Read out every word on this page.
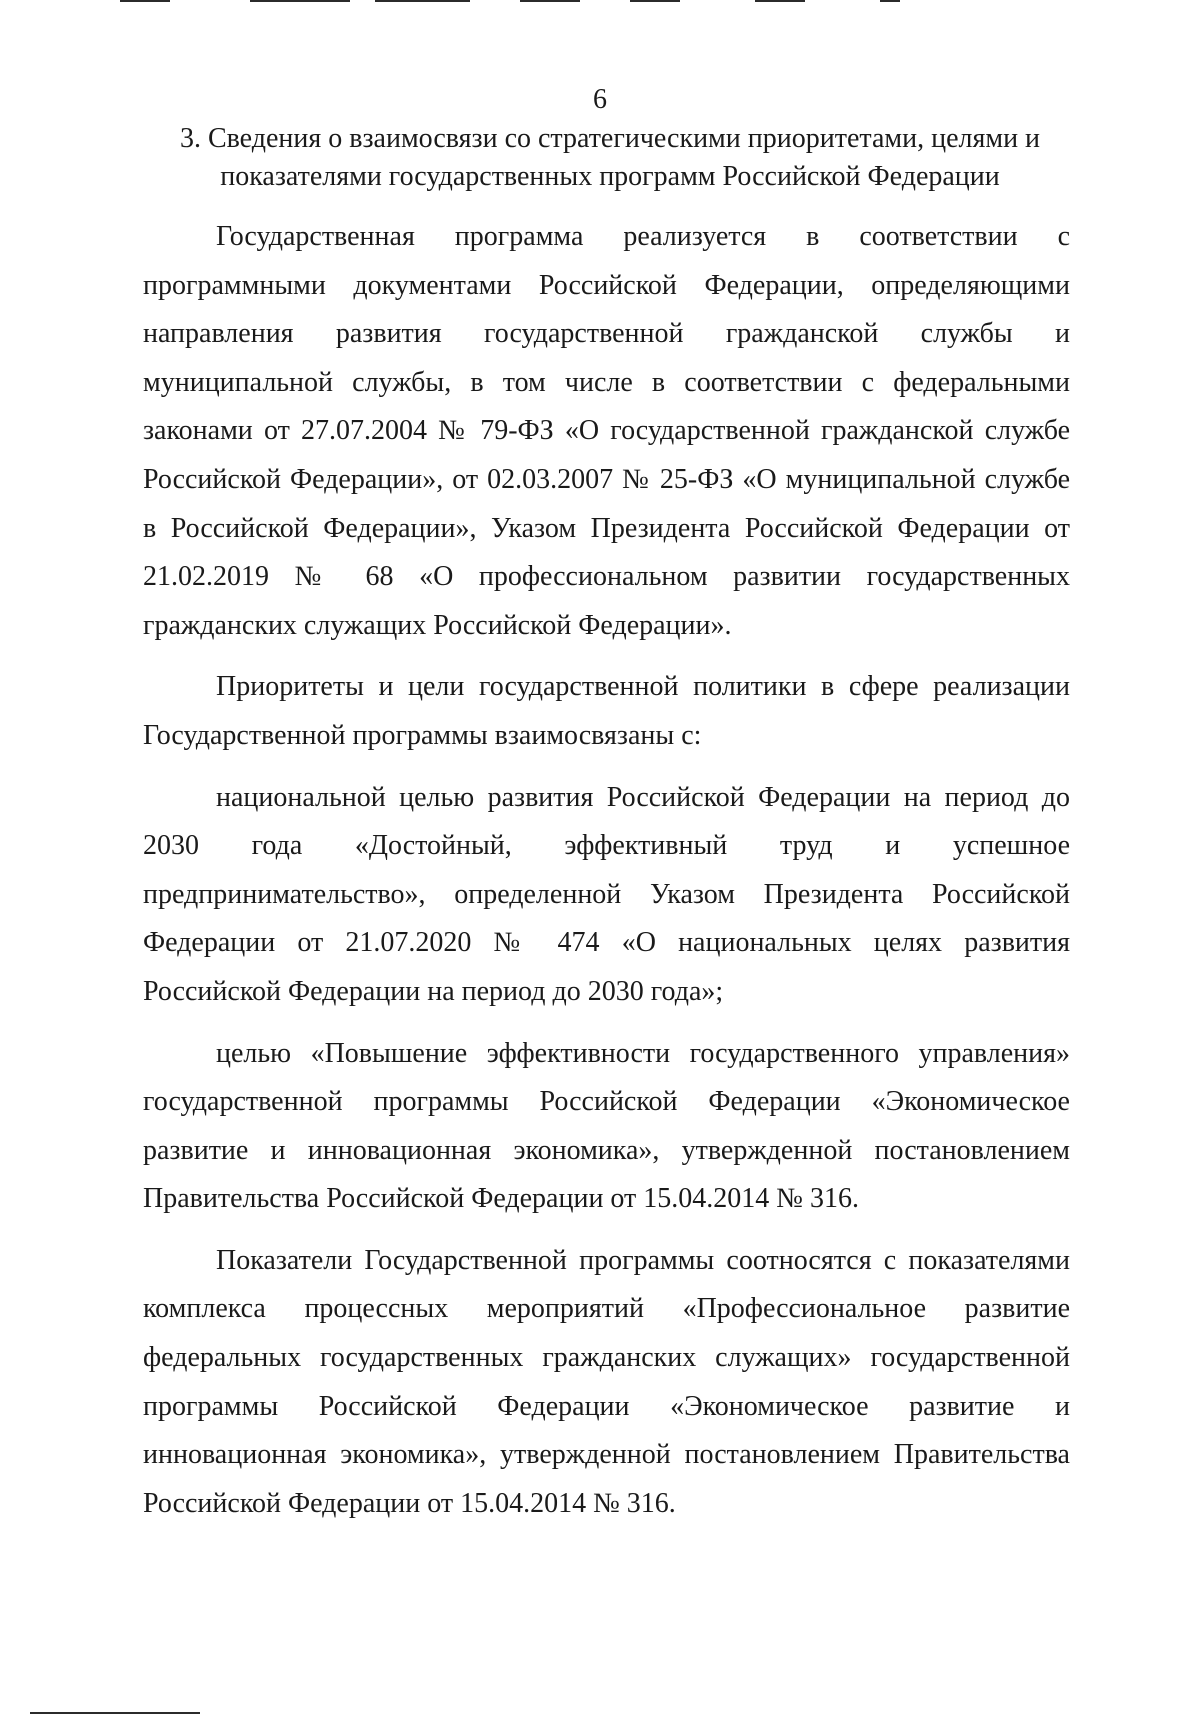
6
3. Сведения о взаимосвязи со стратегическими приоритетами, целями и показателями государственных программ Российской Федерации

Государственная программа реализуется в соответствии с программными документами Российской Федерации, определяющими направления развития государственной гражданской службы и муниципальной службы, в том числе в соответствии с федеральными законами от 27.07.2004 № 79-ФЗ «О государственной гражданской службе Российской Федерации», от 02.03.2007 № 25-ФЗ «О муниципальной службе в Российской Федерации», Указом Президента Российской Федерации от 21.02.2019 № 68 «О профессиональном развитии государственных гражданских служащих Российской Федерации».

Приоритеты и цели государственной политики в сфере реализации Государственной программы взаимосвязаны с:

национальной целью развития Российской Федерации на период до 2030 года «Достойный, эффективный труд и успешное предпринимательство», определенной Указом Президента Российской Федерации от 21.07.2020 № 474 «О национальных целях развития Российской Федерации на период до 2030 года»;

целью «Повышение эффективности государственного управления» государственной программы Российской Федерации «Экономическое развитие и инновационная экономика», утвержденной постановлением Правительства Российской Федерации от 15.04.2014 № 316.

Показатели Государственной программы соотносятся с показателями комплекса процессных мероприятий «Профессиональное развитие федеральных государственных гражданских служащих» государственной программы Российской Федерации «Экономическое развитие и инновационная экономика», утвержденной постановлением Правительства Российской Федерации от 15.04.2014 № 316.
